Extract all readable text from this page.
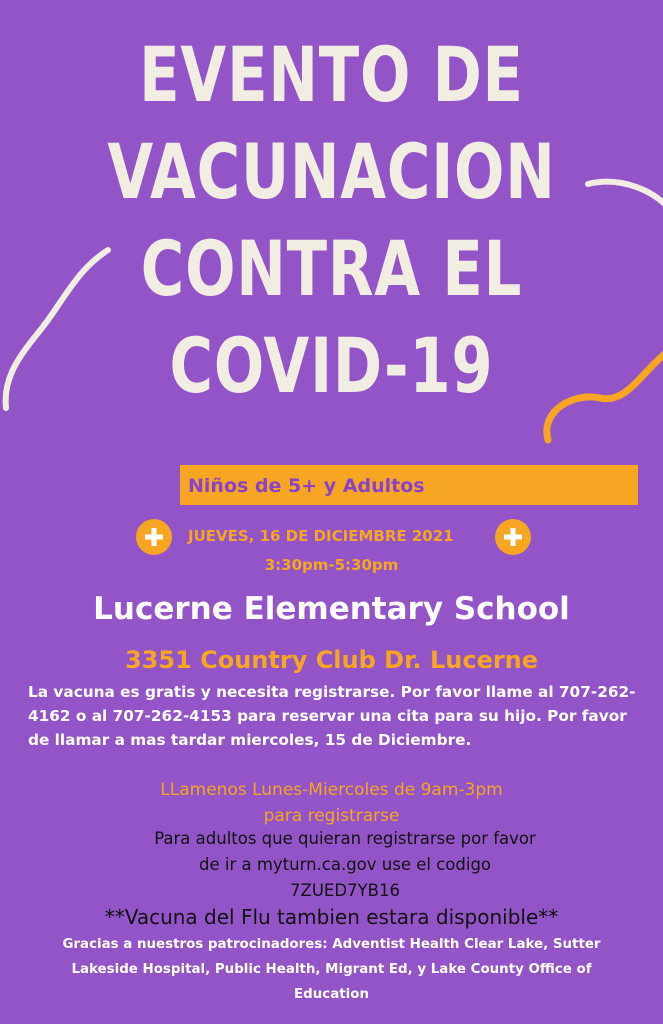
EVENTO DE
VACUNACION
CONTRA EL
COVID-19
Niños de 5+ y Adultos
JUEVES, 16 DE DICIEMBRE 2021
3:30pm-5:30pm
Lucerne Elementary School
3351 Country Club Dr. Lucerne
La vacuna es gratis y necesita registrarse. Por favor llame al 707-262-4162 o al 707-262-4153 para reservar una cita para su hijo. Por favor de llamar a mas tardar miercoles, 15 de Diciembre.
LLamenos Lunes-Miercoles de 9am-3pm
para registrarse
Para adultos que quieran registrarse por favor
de ir a myturn.ca.gov use el codigo
7ZUED7YB16
**Vacuna del Flu tambien estara disponible**
Gracias a nuestros patrocinadores: Adventist Health Clear Lake, Sutter Lakeside Hospital, Public Health, Migrant Ed, y Lake County Office of Education
